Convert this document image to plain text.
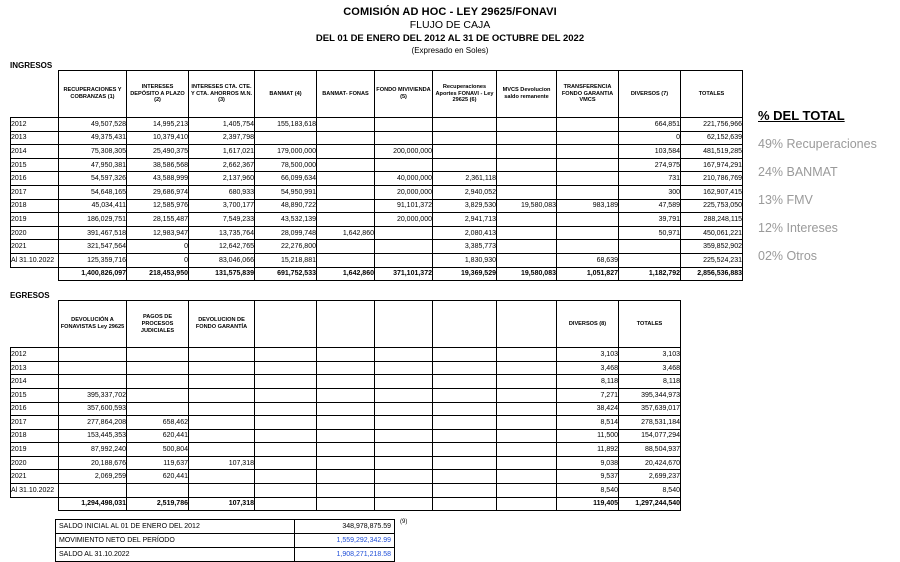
COMISIÓN AD HOC - LEY 29625/FONAVI
FLUJO DE CAJA
DEL 01 DE ENERO DEL 2012 AL 31 DE OCTUBRE DEL 2022
(Expresado en Soles)
INGRESOS
	RECUPERACIONES Y COBRANZAS (1)	INTERESES DEPÓSITO A PLAZO (2)	INTERESES CTA. CTE. Y CTA. AHORROS M.N. (3)	BANMAT (4)	BANMAT- FONAS	FONDO MIVIVIENDA (5)	Recuperaciones Aportes FONAVI - Ley 29625 (6)	MVCS Devolucion saldo remanente	TRANSFERENCIA FONDO GARANTIA VMCS	DIVERSOS (7)	TOTALES
2012	49,507,528	14,995,213	1,405,754	155,183,618						664,851	221,756,966
2013	49,375,431	10,379,410	2,397,798							0	62,152,639
2014	75,308,305	25,490,375	1,617,021	179,000,000		200,000,000				103,584	481,519,285
2015	47,950,381	38,586,568	2,662,367	78,500,000						274,975	167,974,291
2016	54,597,326	43,588,999	2,137,960	66,099,634		40,000,000	2,361,118			731	210,786,769
2017	54,648,165	29,686,974	680,933	54,950,991		20,000,000	2,940,052			300	162,907,415
2018	45,034,411	12,585,976	3,700,177	48,890,722		91,101,372	3,829,530	19,580,083	983,189	47,589	225,753,050
2019	186,029,751	28,155,487	7,549,233	43,532,139		20,000,000	2,941,713			39,791	288,248,115
2020	391,467,518	12,983,947	13,735,764	28,099,748	1,642,860		2,080,413			50,971	450,061,221
2021	321,547,564	0	12,642,765	22,276,800			3,385,773				359,852,902
Al 31.10.2022	125,359,716	0	83,046,066	15,218,881			1,830,930		68,639		225,524,231
	1,400,826,097	218,453,950	131,575,839	691,752,533	1,642,860	371,101,372	19,369,529	19,580,083	1,051,827	1,182,792	2,856,536,883
EGRESOS
	DEVOLUCIÓN A FONAVISTAS Ley 29625	PAGOS DE PROCESOS JUDICIALES	DEVOLUCION DE FONDO GARANTÍA						DIVERSOS (8)	TOTALES
2012									3,103	3,103
2013									3,468	3,468
2014									8,118	8,118
2015	395,337,702								7,271	395,344,973
2016	357,600,593								38,424	357,639,017
2017	277,864,208	658,462							8,514	278,531,184
2018	153,445,353	620,441							11,500	154,077,294
2019	87,992,240	500,804							11,892	88,504,937
2020	20,188,676	119,637	107,318						9,038	20,424,670
2021	2,069,259	620,441							9,537	2,699,237
Al 31.10.2022									8,540	8,540
	1,294,498,031	2,519,786	107,318						119,405	1,297,244,540
% DEL TOTAL
49% Recuperaciones
24% BANMAT
13% FMV
12% Intereses
02% Otros
SALDO INICIAL AL 01 DE ENERO DEL 2012	348,978,875.59
MOVIMIENTO NETO DEL PERÍODO	1,559,292,342.99
SALDO AL 31.10.2022	1,908,271,218.58
(9)
